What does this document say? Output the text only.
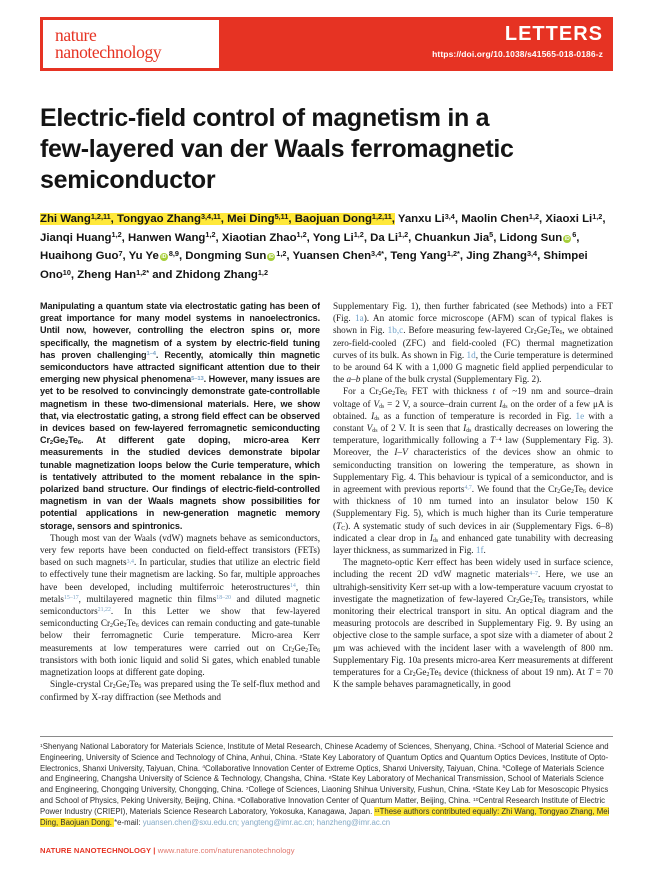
nature
nanotechnology
LETTERS
https://doi.org/10.1038/s41565-018-0186-z
Electric-field control of magnetism in a
few-layered van der Waals ferromagnetic
semiconductor
Zhi Wang$^{1,2,11}$, Tongyao Zhang$^{3,4,11}$, Mei Ding$^{5,11}$, Baojuan Dong$^{1,2,11}$, Yanxu Li$^{3,4}$, Maolin Chen$^{1,2}$, Xiaoxi Li$^{1,2}$, Jianqi Huang$^{1,2}$, Hanwen Wang$^{1,2}$, Xiaotian Zhao$^{1,2}$, Yong Li$^{1,2}$, Da Li$^{1,2}$, Chuankun Jia$^5$, Lidong Sun iD $^6$, Huaihong Guo$^7$, Yu Ye iD $^{8,9}$, Dongming Sun iD $^{1,2}$, Yuansen Chen$^{3,4*}$, Teng Yang$^{1,2*}$, Jing Zhang$^{3,4}$, Shimpei Ono$^{10}$, Zheng Han$^{1,2*}$ and Zhidong Zhang$^{1,2}$

Manipulating a quantum state via electrostatic gating has been of great importance for many model systems in nanoelectronics. Until now, however, controlling the electron spins or, more specifically, the magnetism of a system by electric-field tuning has proven challenging$^{1-4}$. Recently, atomically thin magnetic semiconductors have attracted significant attention due to their emerging new physical phenomena$^{5-13}$. However, many issues are yet to be resolved to convincingly demonstrate gate-controllable magnetism in these two-dimensional materials. Here, we show that, via electrostatic gating, a strong field effect can be observed in devices based on few-layered ferromagnetic semiconducting $Cr_2Ge_2Te_6$. At different gate doping, micro-area Kerr measurements in the studied devices demonstrate bipolar tunable magnetization loops below the Curie temperature, which is tentatively attributed to the moment rebalance in the spin-polarized band structure. Our findings of electric-field-controlled magnetism in van der Waals magnets show possibilities for potential applications in new-generation magnetic memory storage, sensors and spintronics.

Though most van der Waals (vdW) magnets behave as semiconductors, very few reports have been conducted on field-effect transistors (FETs) based on such magnets$^{3,4}$. In particular, studies that utilize an electric field to effectively tune their magnetism are lacking. So far, multiple approaches have been developed, including multiferroic heterostructures$^{14}$, thin metals$^{15-17}$, multilayered magnetic thin films$^{18-20}$ and diluted magnetic semiconductors$^{21,22}$. In this Letter we show that few-layered semiconducting $Cr_2Ge_2Te_6$ devices can remain conducting and gate-tunable below their ferromagnetic Curie temperature. Micro-area Kerr measurements at low temperatures were carried out on $Cr_2Ge_2Te_6$ transistors with both ionic liquid and solid Si gates, which enabled tunable magnetization loops at different gate doping.

Single-crystal $Cr_2Ge_2Te_6$ was prepared using the Te self-flux method and confirmed by X-ray diffraction (see Methods and

Supplementary Fig. 1), then further fabricated (see Methods) into a FET (Fig. 1a). An atomic force microscope (AFM) scan of typical flakes is shown in Fig. 1b,c. Before measuring few-layered $Cr_2Ge_2Te_6$, we obtained zero-field-cooled (ZFC) and field-cooled (FC) thermal magnetization curves of its bulk. As shown in Fig. 1d, the Curie temperature is determined to be around 64 K with a 1,000 G magnetic field applied perpendicular to the a–b plane of the bulk crystal (Supplementary Fig. 2).

For a $Cr_2Ge_2Te_6$ FET with thickness t of ~19 nm and source–drain voltage of $V_{ds} = 2$ V, a source–drain current $I_{ds}$ on the order of a few μA is obtained. $I_{ds}$ as a function of temperature is recorded in Fig. 1e with a constant $V_{ds}$ of 2 V. It is seen that $I_{ds}$ drastically decreases on lowering the temperature, logarithmically following a $T^{-4}$ law (Supplementary Fig. 3). Moreover, the I–V characteristics of the devices show an ohmic to semiconducting transition on lowering the temperature, as shown in Supplementary Fig. 4. This behaviour is typical of a semiconductor, and is in agreement with previous reports$^{4,7}$. We found that the $Cr_2Ge_2Te_6$ device with thickness of 10 nm turned into an insulator below 150 K (Supplementary Fig. 5), which is much higher than its Curie temperature $(T_C)$. A systematic study of such devices in air (Supplementary Figs. 6–8) indicated a clear drop in $I_{ds}$ and enhanced gate tunability with decreasing layer thickness, as summarized in Fig. 1f.

The magneto-optic Kerr effect has been widely used in surface science, including the recent 2D vdW magnetic materials$^{4-7}$. Here, we use an ultrahigh-sensitivity Kerr set-up with a low-temperature vacuum cryostat to investigate the magnetization of few-layered $Cr_2Ge_2Te_6$ transistors, while monitoring their electrical transport in situ. An optical diagram and the measuring protocols are described in Supplementary Fig. 9. By using an objective close to the sample surface, a spot size with a diameter of about 2 μm was achieved with the incident laser with a wavelength of 800 nm. Supplementary Fig. 10a presents micro-area Kerr measurements at different temperatures for a $Cr_2Ge_2Te_6$ device (thickness of about 19 nm). At T = 70 K the sample behaves paramagnetically, in good

$^1$Shenyang National Laboratory for Materials Science, Institute of Metal Research, Chinese Academy of Sciences, Shenyang, China. $^2$School of Material Science and Engineering, University of Science and Technology of China, Anhui, China. $^3$State Key Laboratory of Quantum Optics and Quantum Optics Devices, Institute of Opto-Electronics, Shanxi University, Taiyuan, China. $^4$Collaborative Innovation Center of Extreme Optics, Shanxi University, Taiyuan, China. $^5$College of Materials Science and Engineering, Changsha University of Science & Technology, Changsha, China. $^6$State Key Laboratory of Mechanical Transmission, School of Materials Science and Engineering, Chongqing University, Chongqing, China. $^7$College of Sciences, Liaoning Shihua University, Fushun, China. $^8$State Key Lab for Mesoscopic Physics and School of Physics, Peking University, Beijing, China. $^9$Collaborative Innovation Center of Quantum Matter, Beijing, China. $^{10}$Central Research Institute of Electric Power Industry (CRIEPI), Materials Science Research Laboratory, Yokosuka, Kanagawa, Japan. $^{11}$These authors contributed equally: Zhi Wang, Tongyao Zhang, Mei Ding, Baojuan Dong. *e-mail: yuansen.chen@sxu.edu.cn; yangteng@imr.ac.cn; hanzheng@imr.ac.cn
NATURE NANOTECHNOLOGY | www.nature.com/naturenanotechnology
